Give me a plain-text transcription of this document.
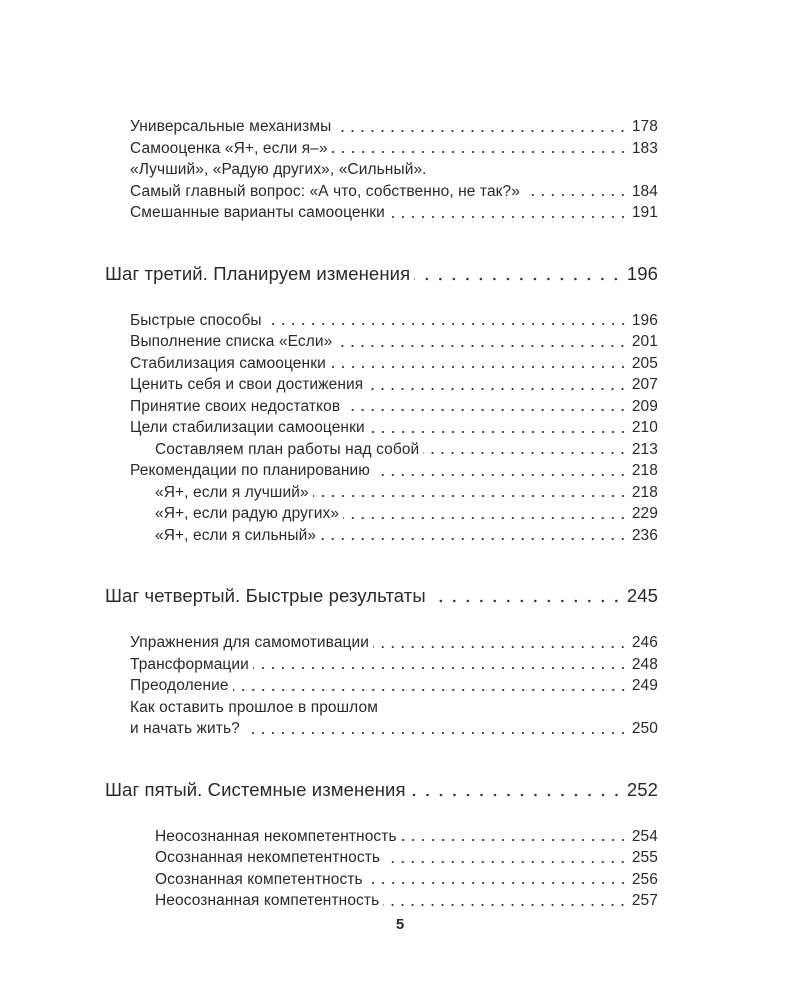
Универсальные механизмы	178
Самооценка «Я+, если я–»	183
«Лучший», «Радую других», «Сильный».
Самый главный вопрос: «А что, собственно, не так?»	184
Смешанные варианты самооценки	191
Шаг третий. Планируем изменения	196
Быстрые способы	196
Выполнение списка «Если»	201
Стабилизация самооценки	205
Ценить себя и свои достижения	207
Принятие своих недостатков	209
Цели стабилизации самооценки	210
Составляем план работы над собой	213
Рекомендации по планированию	218
«Я+, если я лучший»	218
«Я+, если радую других»	229
«Я+, если я сильный»	236
Шаг четвертый. Быстрые результаты	245
Упражнения для самомотивации	246
Трансформации	248
Преодоление	249
Как оставить прошлое в прошлом
и начать жить?	250
Шаг пятый. Системные изменения	252
Неосознанная некомпетентность	254
Осознанная некомпетентность	255
Осознанная компетентность	256
Неосознанная компетентность	257
5
